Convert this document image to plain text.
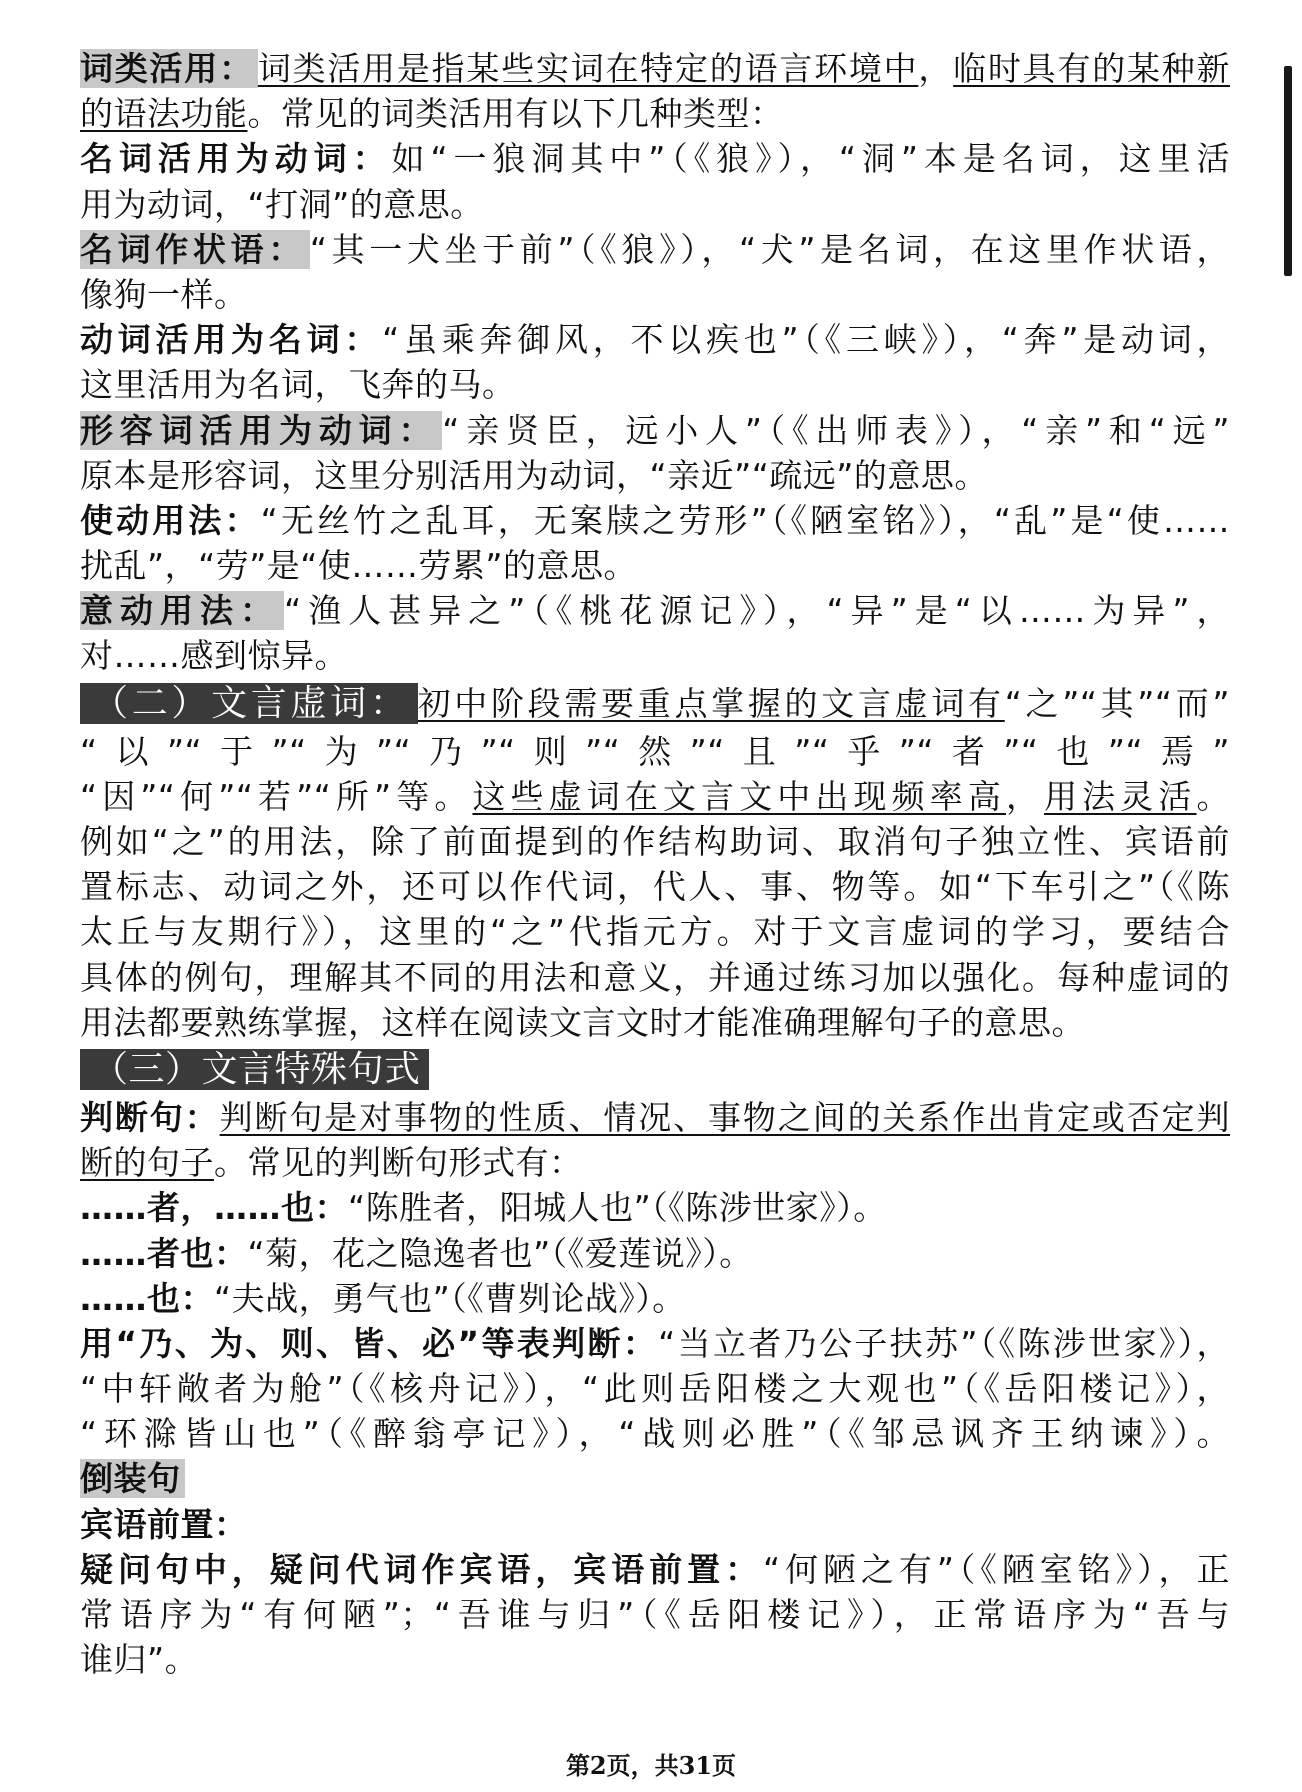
词类活用： 词类活用是指某些实词在特定的语言环境中，临时具有的某种新
的语法功能。常见的词类活用有以下几种类型：
名词活用为动词：如“一狼洞其中”（《狼》），“洞”本是名词，这里活
用为动词，“打洞”的意思。
名词作状语： “其一犬坐于前”（《狼》），“犬”是名词，在这里作状语，
像狗一样。
动词活用为名词：“虽乘奔御风，不以疾也”（《三峡》），“奔”是动词，
这里活用为名词，飞奔的马。
形容词活用为动词： “亲贤臣，远小人”（《出师表》），“亲”和“远”
原本是形容词，这里分别活用为动词，“亲近”“疏远”的意思。
使动用法：“无丝竹之乱耳，无案牍之劳形”（《陋室铭》），“乱”是“使……
扰乱”，“劳”是“使……劳累”的意思。
意动用法： “渔人甚异之”（《桃花源记》），“异”是“以……为异”，
对……感到惊异。
（二）文言虚词： 初中阶段需要重点掌握的文言虚词有“之”“其”“而”
“以”“于”“为”“乃”“则”“然”“且”“乎”“者”“也”“焉”
“因”“何”“若”“所”等。这些虚词在文言文中出现频率高，用法灵活。
例如“之”的用法，除了前面提到的作结构助词、取消句子独立性、宾语前
置标志、动词之外，还可以作代词，代人、事、物等。如“下车引之”（《陈
太丘与友期行》），这里的“之”代指元方。对于文言虚词的学习，要结合
具体的例句，理解其不同的用法和意义，并通过练习加以强化。每种虚词的
用法都要熟练掌握，这样在阅读文言文时才能准确理解句子的意思。
（三）文言特殊句式
判断句：判断句是对事物的性质、情况、事物之间的关系作出肯定或否定判
断的句子。常见的判断句形式有：
……者，……也：“陈胜者，阳城人也”（《陈涉世家》）。
……者也：“菊，花之隐逸者也”（《爱莲说》）。
……也：“夫战，勇气也”（《曹刿论战》）。
用“乃、为、则、皆、必”等表判断：“当立者乃公子扶苏”（《陈涉世家》），
“中轩敞者为舱”（《核舟记》），“此则岳阳楼之大观也”（《岳阳楼记》），
“环滁皆山也”（《醉翁亭记》），“战则必胜”（《邹忌讽齐王纳谏》）。
倒装句
宾语前置：
疑问句中，疑问代词作宾语，宾语前置：“何陋之有”（《陋室铭》），正
常语序为“有何陋”；“吾谁与归”（《岳阳楼记》），正常语序为“吾与
谁归”。
第2页，共31页
